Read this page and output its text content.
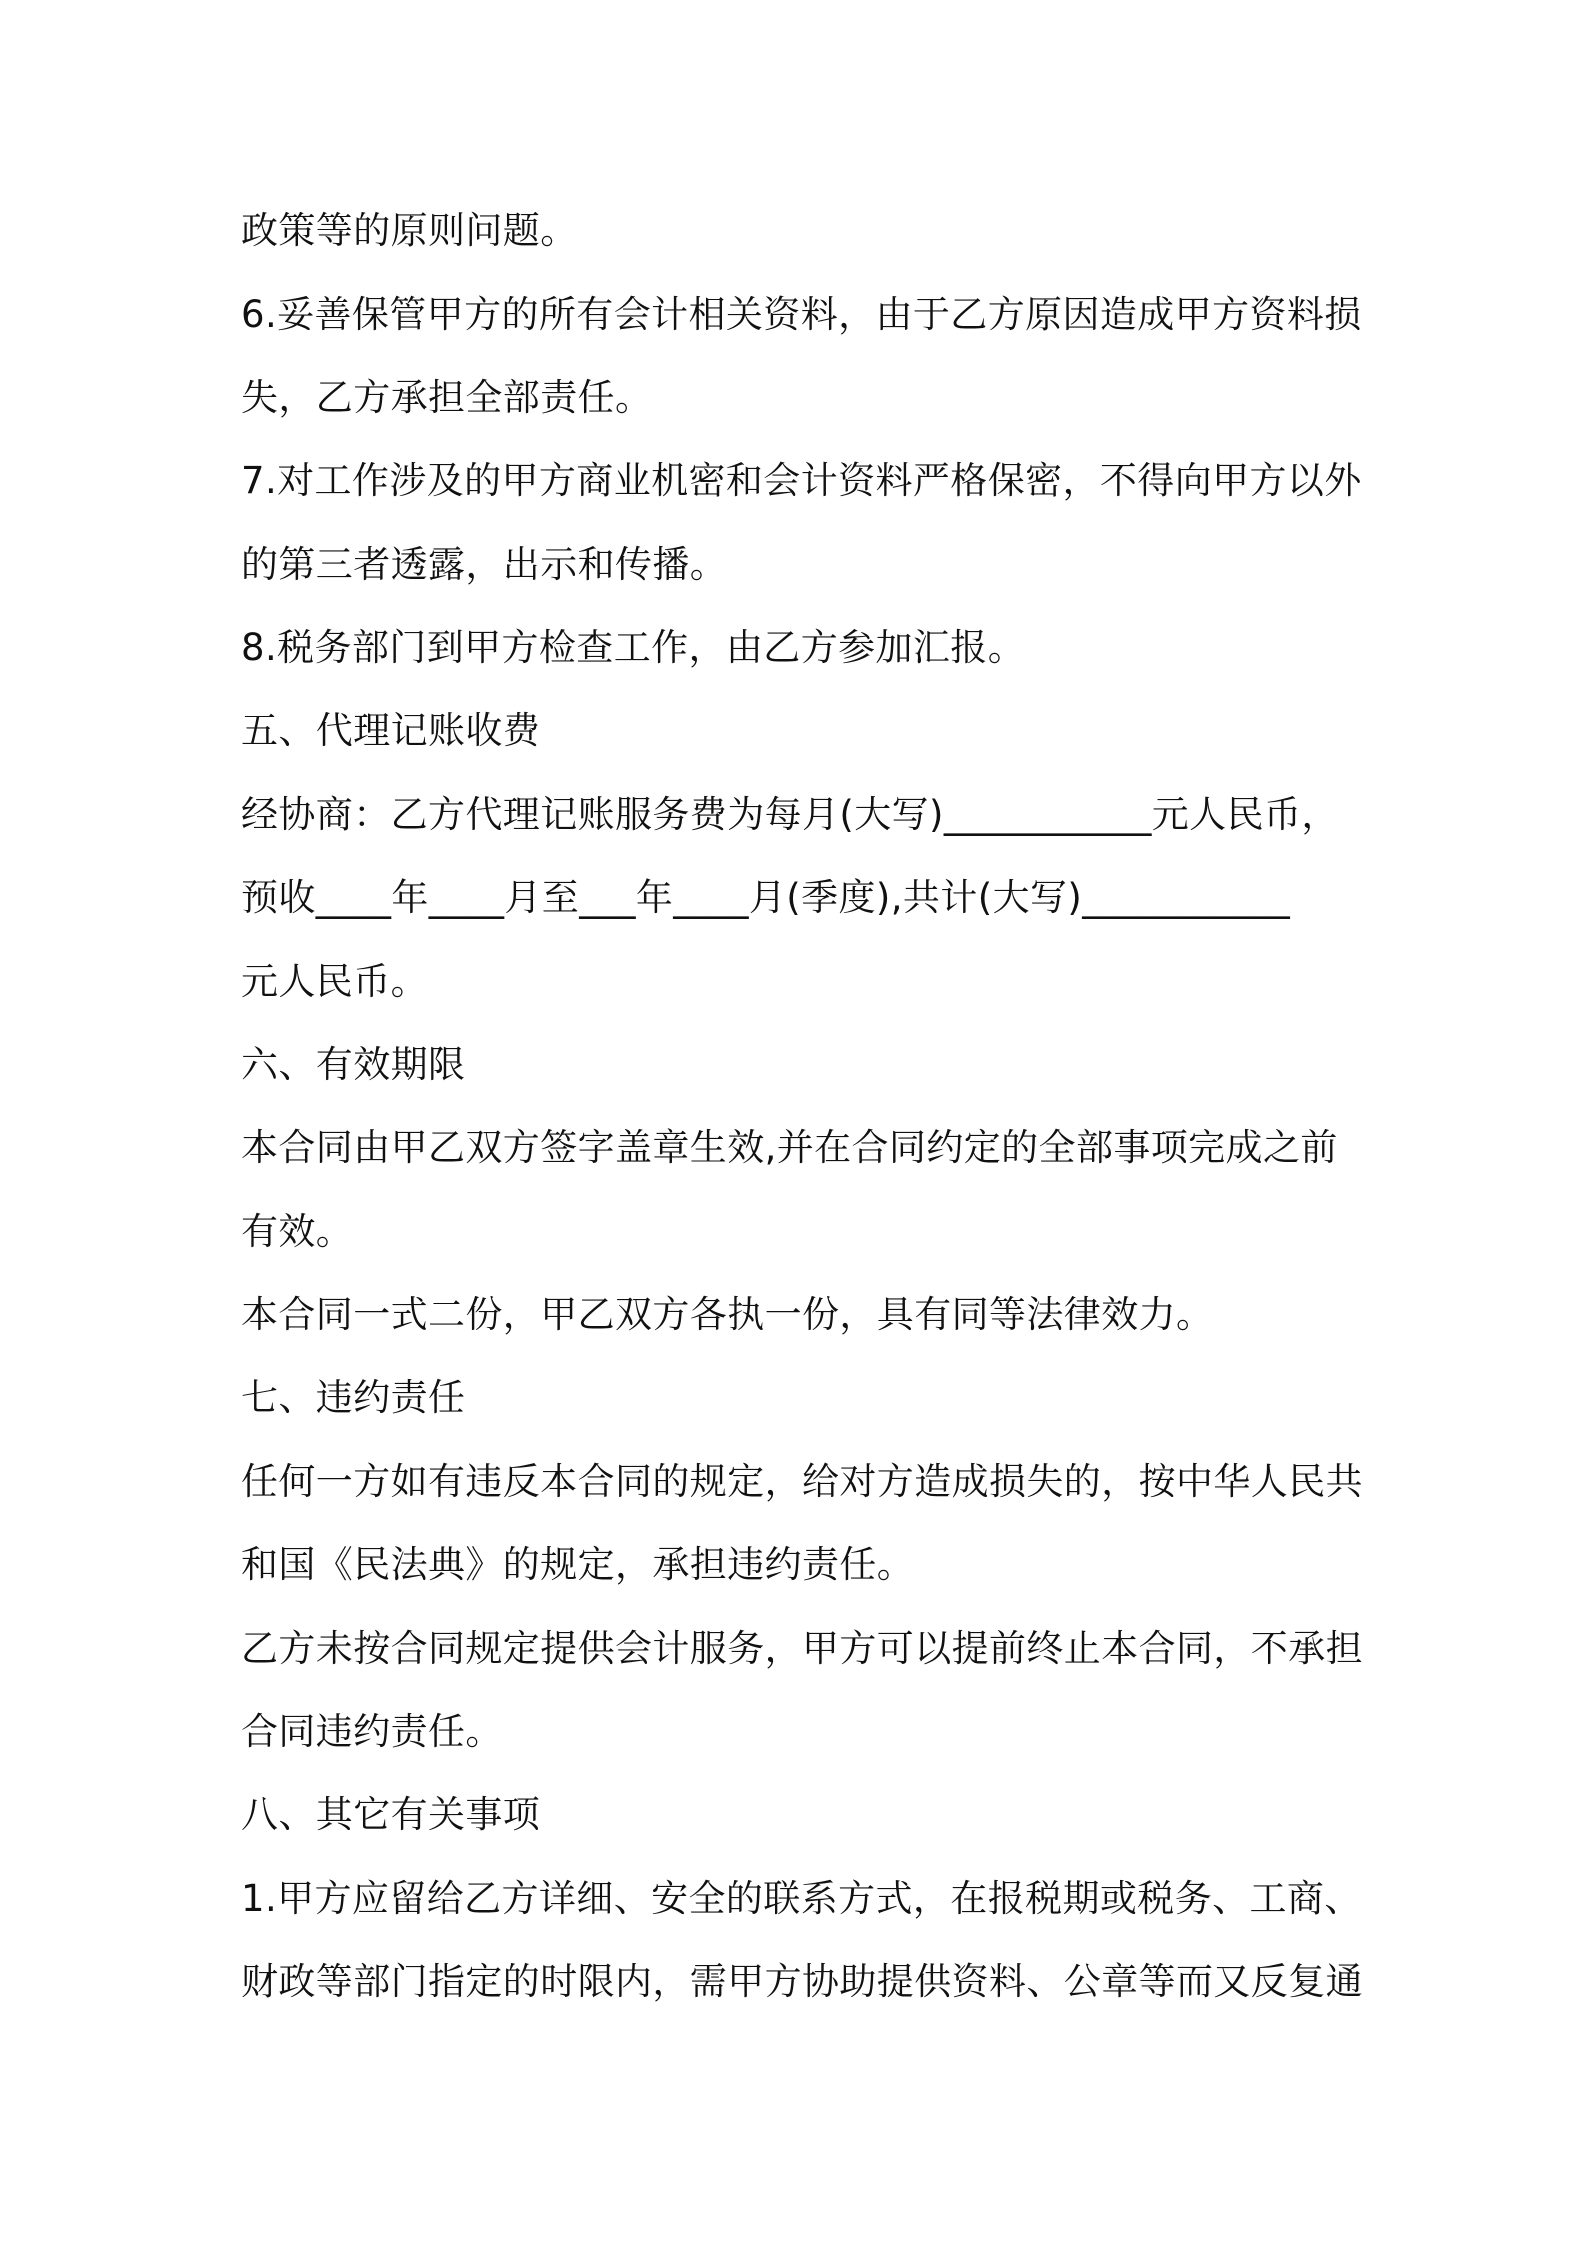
政策等的原则问题。
6.妥善保管甲方的所有会计相关资料，由于乙方原因造成甲方资料损
失，乙方承担全部责任。
7.对工作涉及的甲方商业机密和会计资料严格保密，不得向甲方以外
的第三者透露，出示和传播。
8.税务部门到甲方检查工作，由乙方参加汇报。
五、代理记账收费
经协商：乙方代理记账服务费为每月(大写)___________元人民币，
预收____年____月至___年____月(季度),共计(大写)___________
元人民币。
六、有效期限
本合同由甲乙双方签字盖章生效,并在合同约定的全部事项完成之前
有效。
本合同一式二份，甲乙双方各执一份，具有同等法律效力。
七、违约责任
任何一方如有违反本合同的规定，给对方造成损失的，按中华人民共
和国《民法典》的规定，承担违约责任。
乙方未按合同规定提供会计服务，甲方可以提前终止本合同，不承担
合同违约责任。
八、其它有关事项
1.甲方应留给乙方详细、安全的联系方式，在报税期或税务、工商、
财政等部门指定的时限内，需甲方协助提供资料、公章等而又反复通
